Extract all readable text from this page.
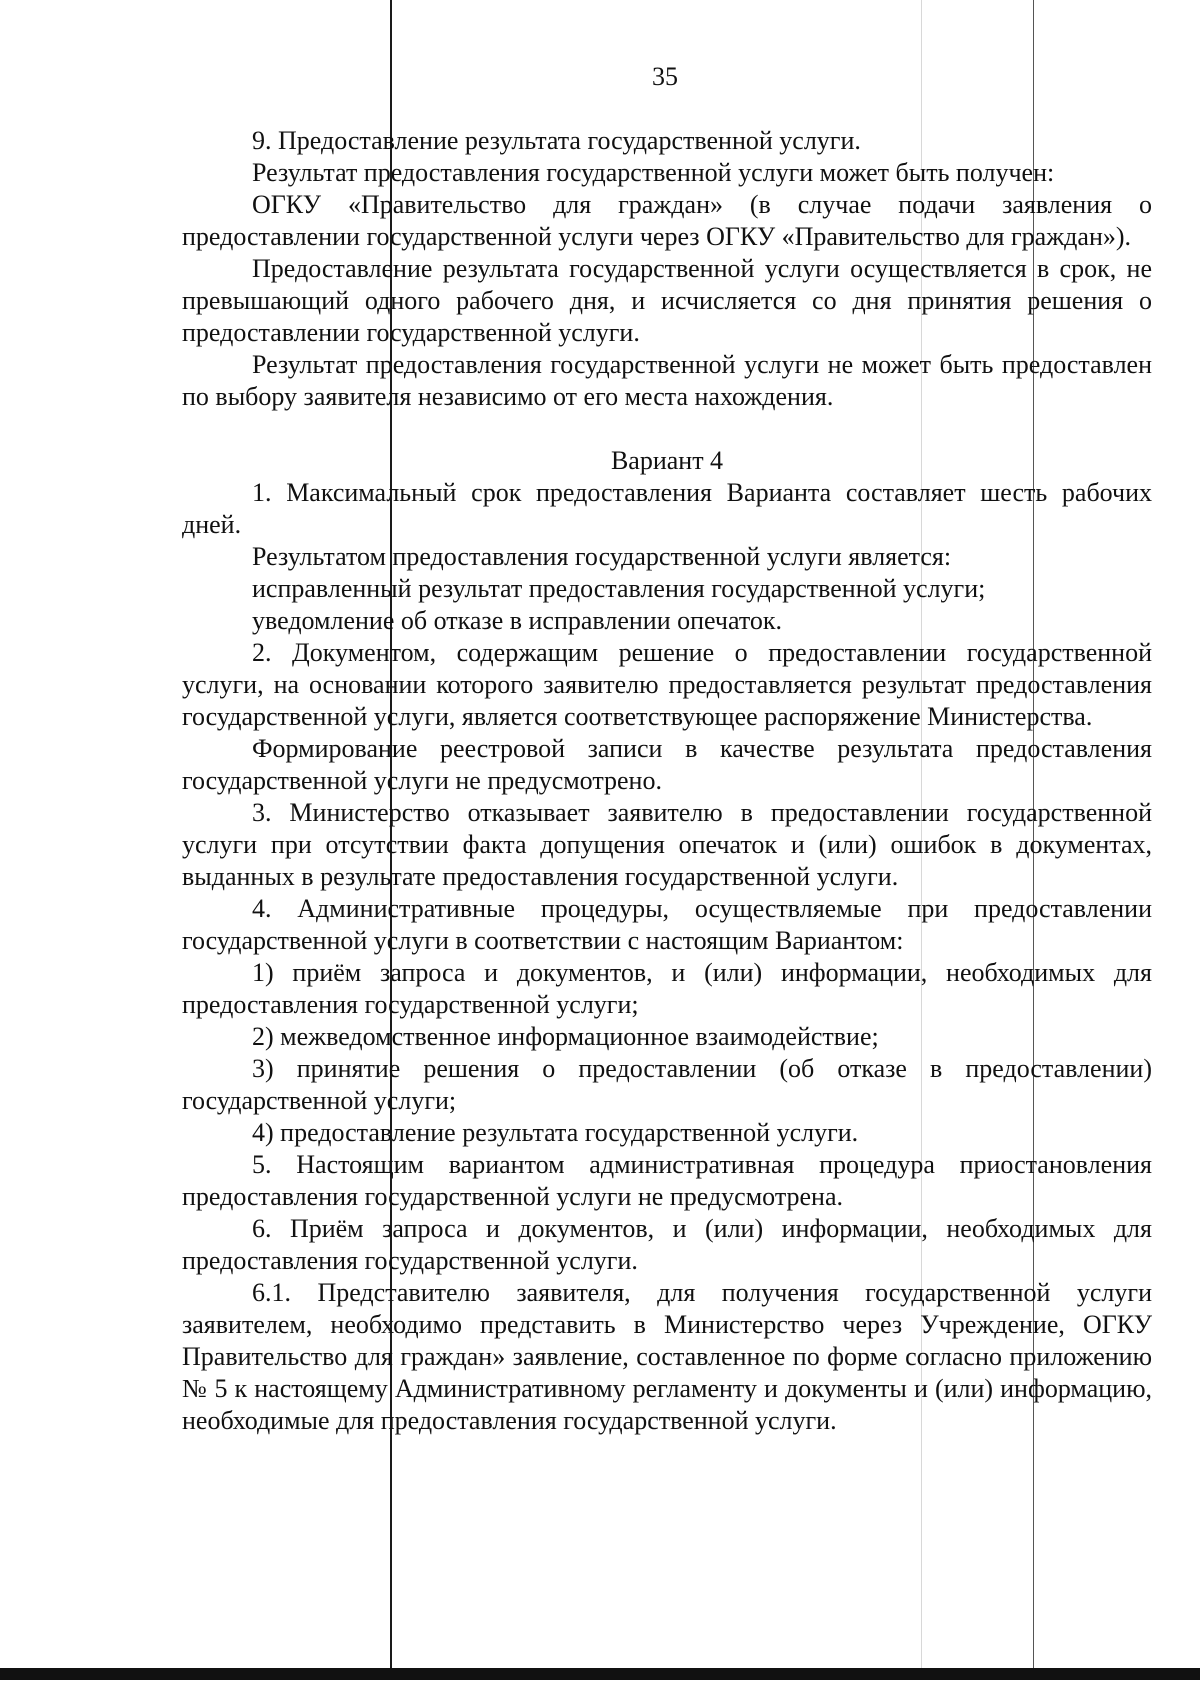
35

9. Предоставление результата государственной услуги.

Результат предоставления государственной услуги может быть получен:

ОГКУ «Правительство для граждан» (в случае подачи заявления о предоставлении государственной услуги через ОГКУ «Правительство для граждан»).

Предоставление результата государственной услуги осуществляется в срок, не превышающий одного рабочего дня, и исчисляется со дня принятия решения о предоставлении государственной услуги.

Результат предоставления государственной услуги не может быть предоставлен по выбору заявителя независимо от его места нахождения.

Вариант 4

1. Максимальный срок предоставления Варианта составляет шесть рабочих дней.

Результатом предоставления государственной услуги является:

исправленный результат предоставления государственной услуги;

уведомление об отказе в исправлении опечаток.

2. Документом, содержащим решение о предоставлении государственной услуги, на основании которого заявителю предоставляется результат предоставления государственной услуги, является соответствующее распоряжение Министерства.

Формирование реестровой записи в качестве результата предоставления государственной услуги не предусмотрено.

3. Министерство отказывает заявителю в предоставлении государственной услуги при отсутствии факта допущения опечаток и (или) ошибок в документах, выданных в результате предоставления государственной услуги.

4. Административные процедуры, осуществляемые при предоставлении государственной услуги в соответствии с настоящим Вариантом:

1) приём запроса и документов, и (или) информации, необходимых для предоставления государственной услуги;

2) межведомственное информационное взаимодействие;

3) принятие решения о предоставлении (об отказе в предоставлении) государственной услуги;

4) предоставление результата государственной услуги.

5. Настоящим вариантом административная процедура приостановления предоставления государственной услуги не предусмотрена.

6. Приём запроса и документов, и (или) информации, необходимых для предоставления государственной услуги.

6.1. Представителю заявителя, для получения государственной услуги заявителем, необходимо представить в Министерство через Учреждение, ОГКУ Правительство для граждан» заявление, составленное по форме согласно приложению № 5 к настоящему Административному регламенту и документы и (или) информацию, необходимые для предоставления государственной услуги.
